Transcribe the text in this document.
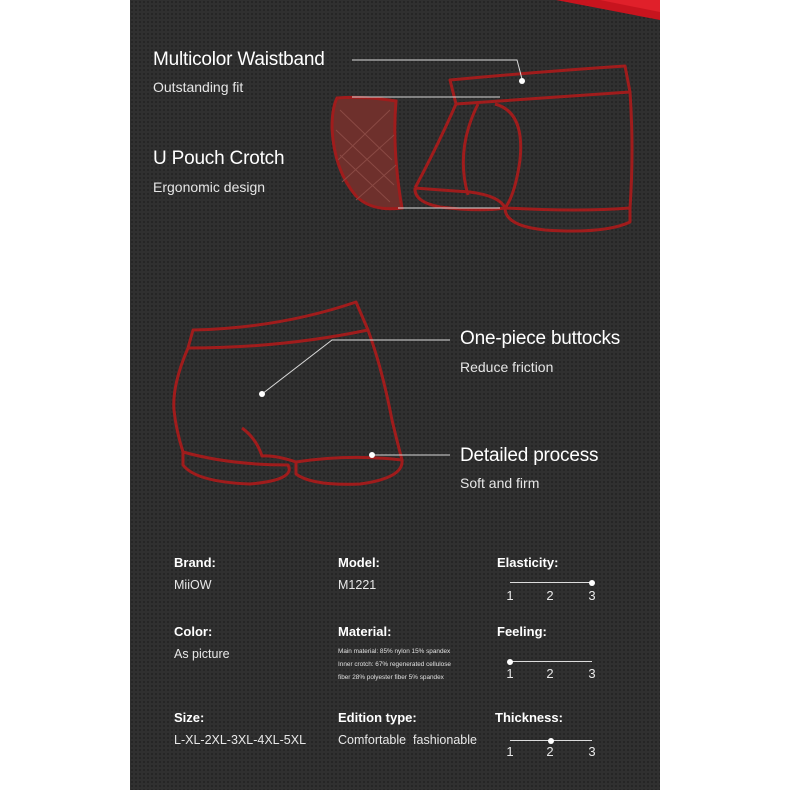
Multicolor Waistband
Outstanding fit
U Pouch Crotch
Ergonomic design
One-piece buttocks
Reduce friction
Detailed process
Soft and firm
Brand:
MiiOW
Color:
As picture
Size:
L-XL-2XL-3XL-4XL-5XL
Model:
M1221
Material:
Main material: 85% nylon 15% spandex
Inner crotch: 67% regenerated cellulose
fiber 28% polyester fiber 5% spandex
Edition type:
Comfortable  fashionable
Elasticity:
1	2	3
Feeling:
1	2	3
Thickness:
1	2	3
